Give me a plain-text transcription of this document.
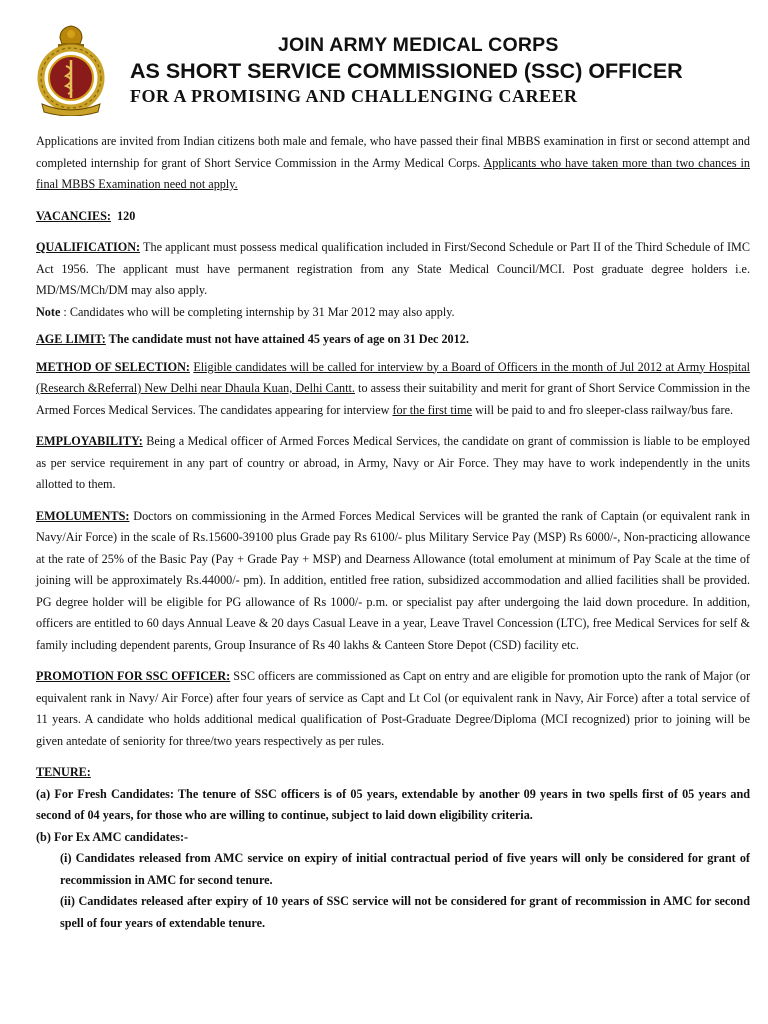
JOIN ARMY MEDICAL CORPS
AS SHORT SERVICE COMMISSIONED (SSC) OFFICER
FOR A PROMISING AND CHALLENGING CAREER

Applications are invited from Indian citizens both male and female, who have passed their final MBBS examination in first or second attempt and completed internship for grant of Short Service Commission in the Army Medical Corps. Applicants who have taken more than two chances in final MBBS Examination need not apply.

VACANCIES: 120

QUALIFICATION: The applicant must possess medical qualification included in First/Second Schedule or Part II of the Third Schedule of IMC Act 1956. The applicant must have permanent registration from any State Medical Council/MCI. Post graduate degree holders i.e. MD/MS/MCh/DM may also apply.
Note : Candidates who will be completing internship by 31 Mar 2012 may also apply.

AGE LIMIT: The candidate must not have attained 45 years of age on 31 Dec 2012.

METHOD OF SELECTION: Eligible candidates will be called for interview by a Board of Officers in the month of Jul 2012 at Army Hospital (Research &Referral) New Delhi near Dhaula Kuan, Delhi Cantt. to assess their suitability and merit for grant of Short Service Commission in the Armed Forces Medical Services. The candidates appearing for interview for the first time will be paid to and fro sleeper-class railway/bus fare.

EMPLOYABILITY: Being a Medical officer of Armed Forces Medical Services, the candidate on grant of commission is liable to be employed as per service requirement in any part of country or abroad, in Army, Navy or Air Force. They may have to work independently in the units allotted to them.

EMOLUMENTS: Doctors on commissioning in the Armed Forces Medical Services will be granted the rank of Captain (or equivalent rank in Navy/Air Force) in the scale of Rs.15600-39100 plus Grade pay Rs 6100/- plus Military Service Pay (MSP) Rs 6000/-, Non-practicing allowance at the rate of 25% of the Basic Pay (Pay + Grade Pay + MSP) and Dearness Allowance (total emolument at minimum of Pay Scale at the time of joining will be approximately Rs.44000/- pm). In addition, entitled free ration, subsidized accommodation and allied facilities shall be provided. PG degree holder will be eligible for PG allowance of Rs 1000/- p.m. or specialist pay after undergoing the laid down procedure. In addition, officers are entitled to 60 days Annual Leave & 20 days Casual Leave in a year, Leave Travel Concession (LTC), free Medical Services for self & family including dependent parents, Group Insurance of Rs 40 lakhs & Canteen Store Depot (CSD) facility etc.

PROMOTION FOR SSC OFFICER: SSC officers are commissioned as Capt on entry and are eligible for promotion upto the rank of Major (or equivalent rank in Navy/ Air Force) after four years of service as Capt and Lt Col (or equivalent rank in Navy, Air Force) after a total service of 11 years. A candidate who holds additional medical qualification of Post-Graduate Degree/Diploma (MCI recognized) prior to joining will be given antedate of seniority for three/two years respectively as per rules.

TENURE:

(a) For Fresh Candidates: The tenure of SSC officers is of 05 years, extendable by another 09 years in two spells first of 05 years and second of 04 years, for those who are willing to continue, subject to laid down eligibility criteria.

(b) For Ex AMC candidates:-

(i) Candidates released from AMC service on expiry of initial contractual period of five years will only be considered for grant of recommission in AMC for second tenure.

(ii) Candidates released after expiry of 10 years of SSC service will not be considered for grant of recommission in AMC for second spell of four years of extendable tenure.
